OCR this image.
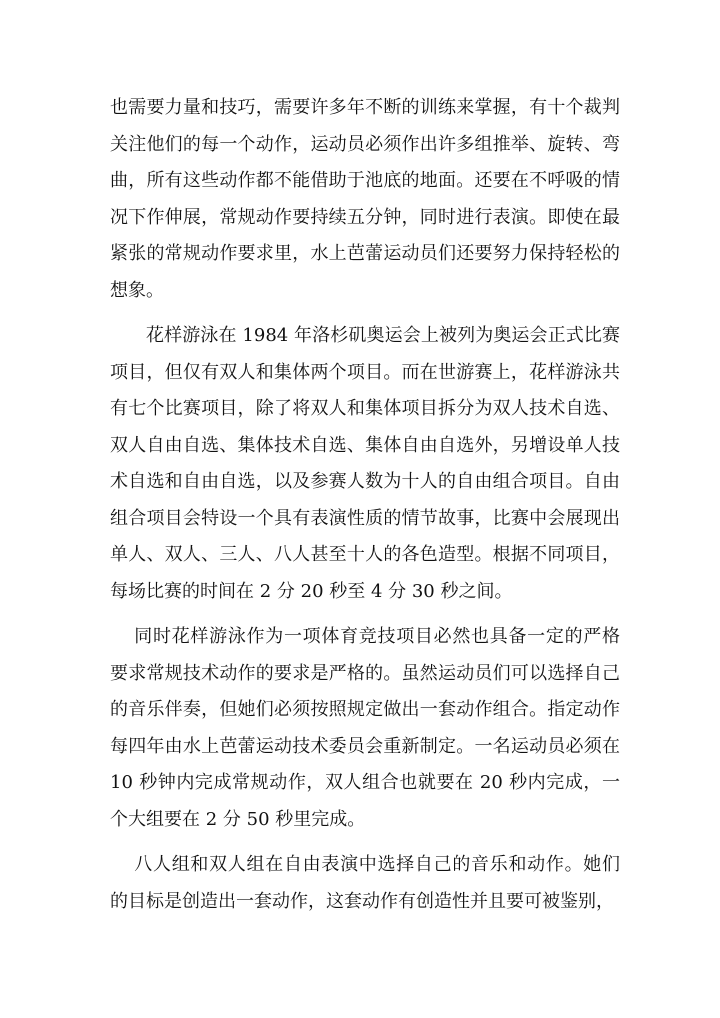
也需要力量和技巧，需要许多年不断的训练来掌握，有十个裁判关注他们的每一个动作，运动员必须作出许多组推举、旋转、弯曲，所有这些动作都不能借助于池底的地面。还要在不呼吸的情况下作伸展，常规动作要持续五分钟，同时进行表演。即使在最紧张的常规动作要求里，水上芭蕾运动员们还要努力保持轻松的想象。

花样游泳在 1984 年洛杉矶奥运会上被列为奥运会正式比赛项目，但仅有双人和集体两个项目。而在世游赛上，花样游泳共有七个比赛项目，除了将双人和集体项目拆分为双人技术自选、双人自由自选、集体技术自选、集体自由自选外，另增设单人技术自选和自由自选，以及参赛人数为十人的自由组合项目。自由组合项目会特设一个具有表演性质的情节故事，比赛中会展现出单人、双人、三人、八人甚至十人的各色造型。根据不同项目，每场比赛的时间在 2 分 20 秒至 4 分 30 秒之间。

同时花样游泳作为一项体育竞技项目必然也具备一定的严格要求常规技术动作的要求是严格的。虽然运动员们可以选择自己的音乐伴奏，但她们必须按照规定做出一套动作组合。指定动作每四年由水上芭蕾运动技术委员会重新制定。一名运动员必须在10 秒钟内完成常规动作，双人组合也就要在 20 秒内完成，一个大组要在 2 分 50 秒里完成。

八人组和双人组在自由表演中选择自己的音乐和动作。她们的目标是创造出一套动作，这套动作有创造性并且要可被鉴别，
